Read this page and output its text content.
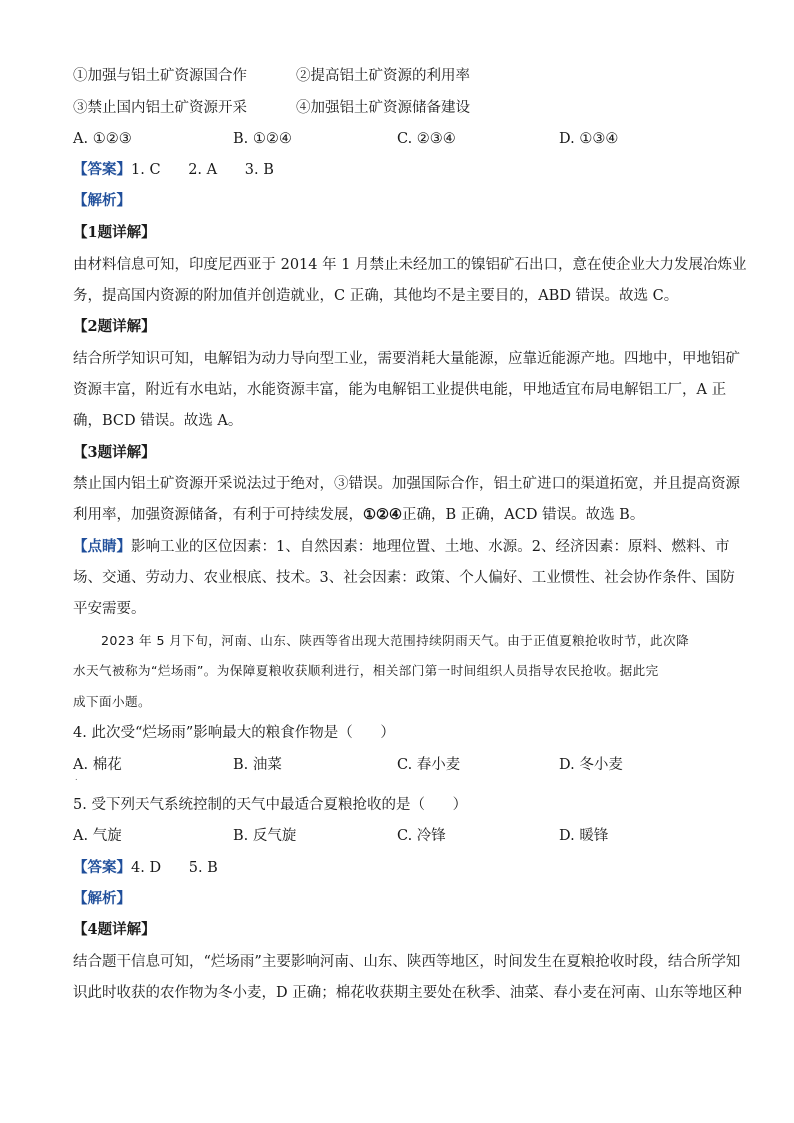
①加强与铝土矿资源国合作	②提高铝土矿资源的利用率
③禁止国内铝土矿资源开采	④加强铝土矿资源储备建设
A. ①②③	B. ①②④	C. ②③④	D. ①③④
【答案】1. C      2. A      3. B
【解析】
【1题详解】
由材料信息可知，印度尼西亚于 2014 年 1 月禁止未经加工的镍铝矿石出口，意在使企业大力发展冶炼业
务，提高国内资源的附加值并创造就业，C 正确，其他均不是主要目的，ABD 错误。故选 C。
【2题详解】
结合所学知识可知，电解铝为动力导向型工业，需要消耗大量能源，应靠近能源产地。四地中，甲地铝矿
资源丰富，附近有水电站，水能资源丰富，能为电解铝工业提供电能，甲地适宜布局电解铝工厂，A 正
确，BCD 错误。故选 A。
【3题详解】
禁止国内铝土矿资源开采说法过于绝对，③错误。加强国际合作，铝土矿进口的渠道拓宽，并且提高资源
利用率，加强资源储备，有利于可持续发展，①②④正确，B 正确，ACD 错误。故选 B。
【点睛】影响工业的区位因素：1、自然因素：地理位置、土地、水源。2、经济因素：原料、燃料、市
场、交通、劳动力、农业根底、技术。3、社会因素：政策、个人偏好、工业惯性、社会协作条件、国防
平安需要。
2023 年 5 月下旬，河南、山东、陕西等省出现大范围持续阴雨天气。由于正值夏粮抢收时节，此次降
水天气被称为“烂场雨”。为保障夏粮收获顺利进行，相关部门第一时间组织人员指导农民抢收。据此完
成下面小题。
4. 此次受“烂场雨”影响最大的粮食作物是（      ）
A. 棉花	B. 油菜	C. 春小麦	D. 冬小麦
.
5. 受下列天气系统控制的天气中最适合夏粮抢收的是（      ）
A. 气旋	B. 反气旋	C. 冷锋	D. 暖锋
【答案】4. D      5. B
【解析】
【4题详解】
结合题干信息可知，“烂场雨”主要影响河南、山东、陕西等地区，时间发生在夏粮抢收时段，结合所学知
识此时收获的农作物为冬小麦，D 正确；棉花收获期主要处在秋季、油菜、春小麦在河南、山东等地区种
